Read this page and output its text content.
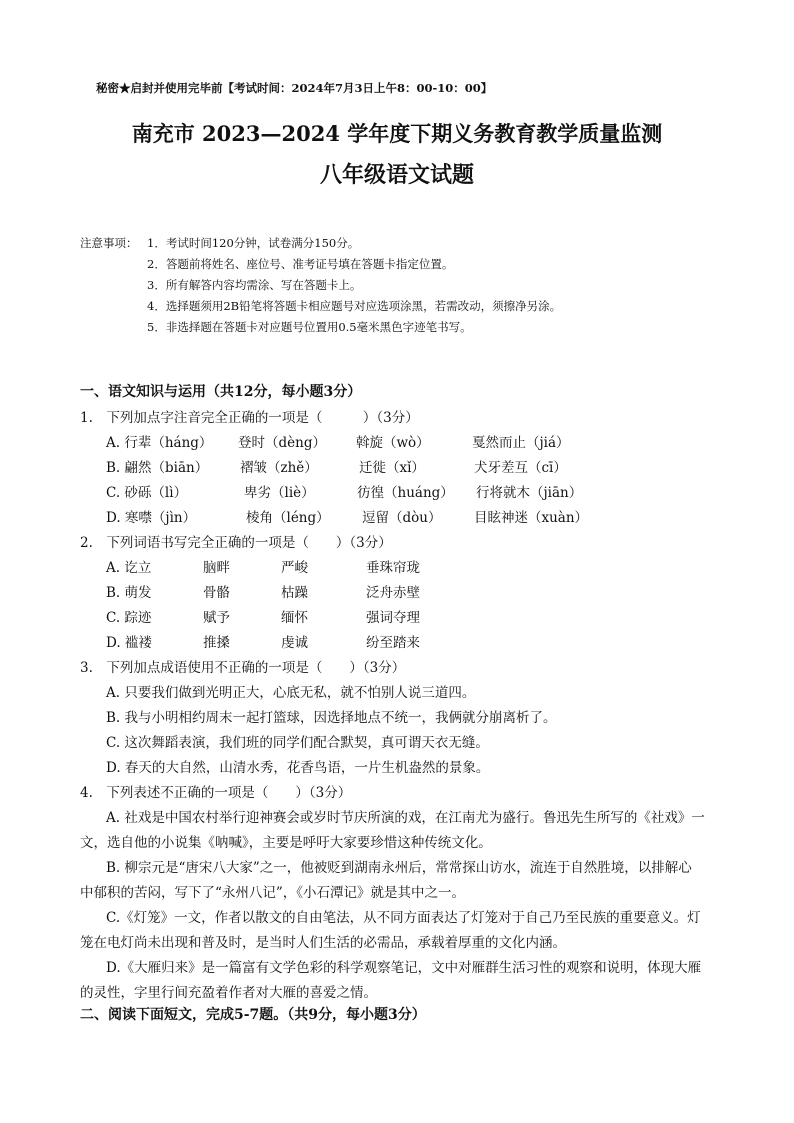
秘密★启封并使用完毕前【考试时间：2024年7月3日上午8：00-10：00】
南充市 2023—2024 学年度下期义务教育教学质量监测
八年级语文试题
注意事项： 1．考试时间120分钟，试卷满分150分。
2．答题前将姓名、座位号、准考证号填在答题卡指定位置。
3．所有解答内容均需涂、写在答题卡上。
4．选择题须用2B铅笔将答题卡相应题号对应选项涂黑，若需改动，须擦净另涂。
5．非选择题在答题卡对应题号位置用0.5毫米黑色字迹笔书写。
一、语文知识与运用（共12分，每小题3分）
1.　下列加点字注音完全正确的一项是（　　　）（3分）
A. 行辈（háng） 登时（dèng） 斡旋（wò）	戛然而止（jiá）
B. 翩然（biān） 褶皱（zhě）	迁徙（xǐ）	犬牙差互（cī）
C. 砂砾（lì）	卑劣（liè）	彷徨（huáng） 行将就木（jiān）
D. 寒噤（jìn）	棱角（léng） 逗留（dòu） 目眩神迷（xuàn）
2.　下列词语书写完全正确的一项是（　　）（3分）
A. 讫立	脑畔	严峻	垂珠帘珑
B. 萌发	骨骼	枯躁	泛舟赤壁
C. 踪迹	赋予	缅怀	强词夺理
D. 褴褛	推搡	虔诚	纷至踏来
3.　下列加点成语使用不正确的一项是（　　）（3分）
A. 只要我们做到光明正大，心底无私，就不怕别人说三道四。
B. 我与小明相约周末一起打篮球，因选择地点不统一，我俩就分崩离析了。
C. 这次舞蹈表演，我们班的同学们配合默契，真可谓天衣无缝。
D. 春天的大自然，山清水秀，花香鸟语，一片生机盎然的景象。
4.　下列表述不正确的一项是（　　）（3分）
A. 社戏是中国农村举行迎神赛会或岁时节庆所演的戏，在江南尤为盛行。鲁迅先生所写的《社戏》一
文，选自他的小说集《呐喊》，主要是呼吁大家要珍惜这种传统文化。
B. 柳宗元是“唐宋八大家”之一，他被贬到湖南永州后，常常探山访水，流连于自然胜境，以排解心
中郁积的苦闷，写下了“永州八记”，《小石潭记》就是其中之一。
C.《灯笼》一文，作者以散文的自由笔法，从不同方面表达了灯笼对于自己乃至民族的重要意义。灯
笼在电灯尚未出现和普及时，是当时人们生活的必需品，承载着厚重的文化内涵。
D.《大雁归来》是一篇富有文学色彩的科学观察笔记，文中对雁群生活习性的观察和说明，体现大雁
的灵性，字里行间充盈着作者对大雁的喜爱之情。
二、阅读下面短文，完成5-7题。（共9分，每小题3分）
